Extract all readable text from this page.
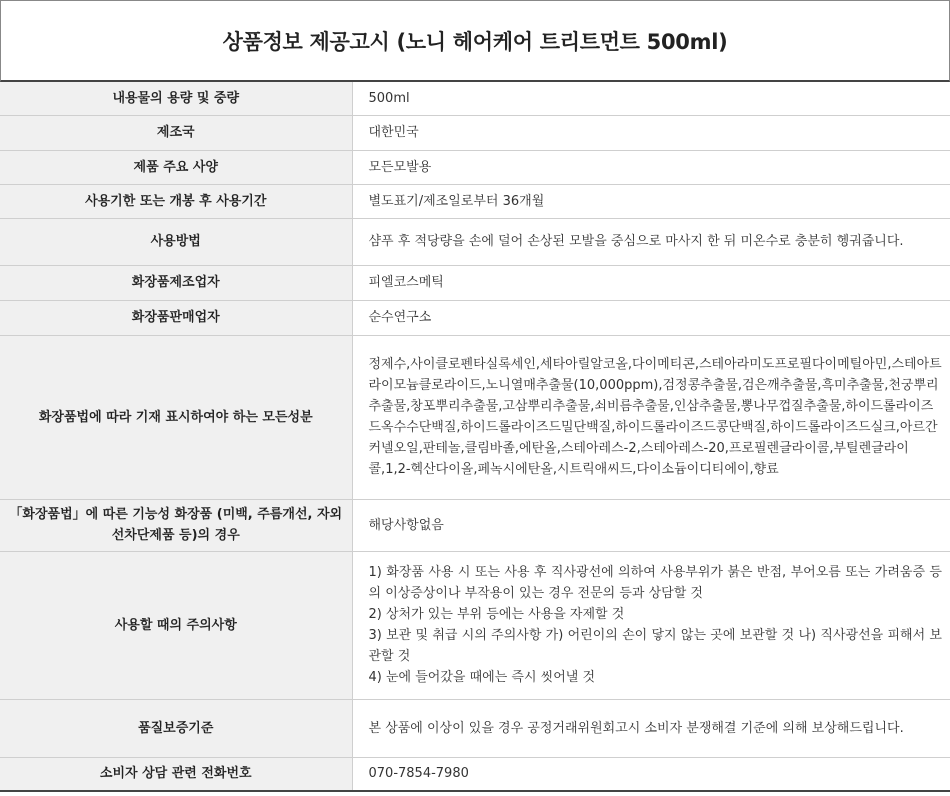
상품정보 제공고시 (노니 헤어케어 트리트먼트 500ml)
내용물의 용량 및 중량	500ml
제조국	대한민국
제품 주요 사양	모든모발용
사용기한 또는 개봉 후 사용기간	별도표기/제조일로부터 36개월
사용방법	샴푸 후 적당량을 손에 덜어 손상된 모발을 중심으로 마사지 한 뒤 미온수로 충분히 헹궈줍니다.
화장품제조업자	피엘코스메틱
화장품판매업자	순수연구소
화장품법에 따라 기재 표시하여야 하는 모든성분	정제수,사이클로펜타실록세인,세타아릴알코올,다이메티콘,스테아라미도프로필다이메틸아민,스테아트라이모늄클로라이드,노니열매추출물(10,000ppm),검정콩추출물,검은깨추출물,흑미추출물,천궁뿌리추출물,창포뿌리추출물,고삼뿌리추출물,쇠비름추출물,인삼추출물,뽕나무껍질추출물,하이드롤라이즈드옥수수단백질,하이드롤라이즈드밀단백질,하이드롤라이즈드콩단백질,하이드롤라이즈드실크,아르간커넬오일,판테놀,클림바졸,에탄올,스테아레스-2,스테아레스-20,프로필렌글라이콜,부틸렌글라이콜,1,2-헥산다이올,페녹시에탄올,시트릭애씨드,다이소듐이디티에이,향료
「화장품법」에 따른 기능성 화장품 (미백, 주름개선, 자외선차단제품 등)의 경우	해당사항없음
사용할 때의 주의사항	1) 화장품 사용 시 또는 사용 후 직사광선에 의하여 사용부위가 붉은 반점, 부어오름 또는 가려움증 등의 이상증상이나 부작용이 있는 경우 전문의 등과 상담할 것
2) 상처가 있는 부위 등에는 사용을 자제할 것
3) 보관 및 취급 시의 주의사항 가) 어린이의 손이 닿지 않는 곳에 보관할 것 나) 직사광선을 피해서 보관할 것
4) 눈에 들어갔을 때에는 즉시 씻어낼 것

품질보증기준	본 상품에 이상이 있을 경우 공정거래위원회고시 소비자 분쟁해결 기준에 의해 보상해드립니다.
소비자 상담 관련 전화번호	070-7854-7980
